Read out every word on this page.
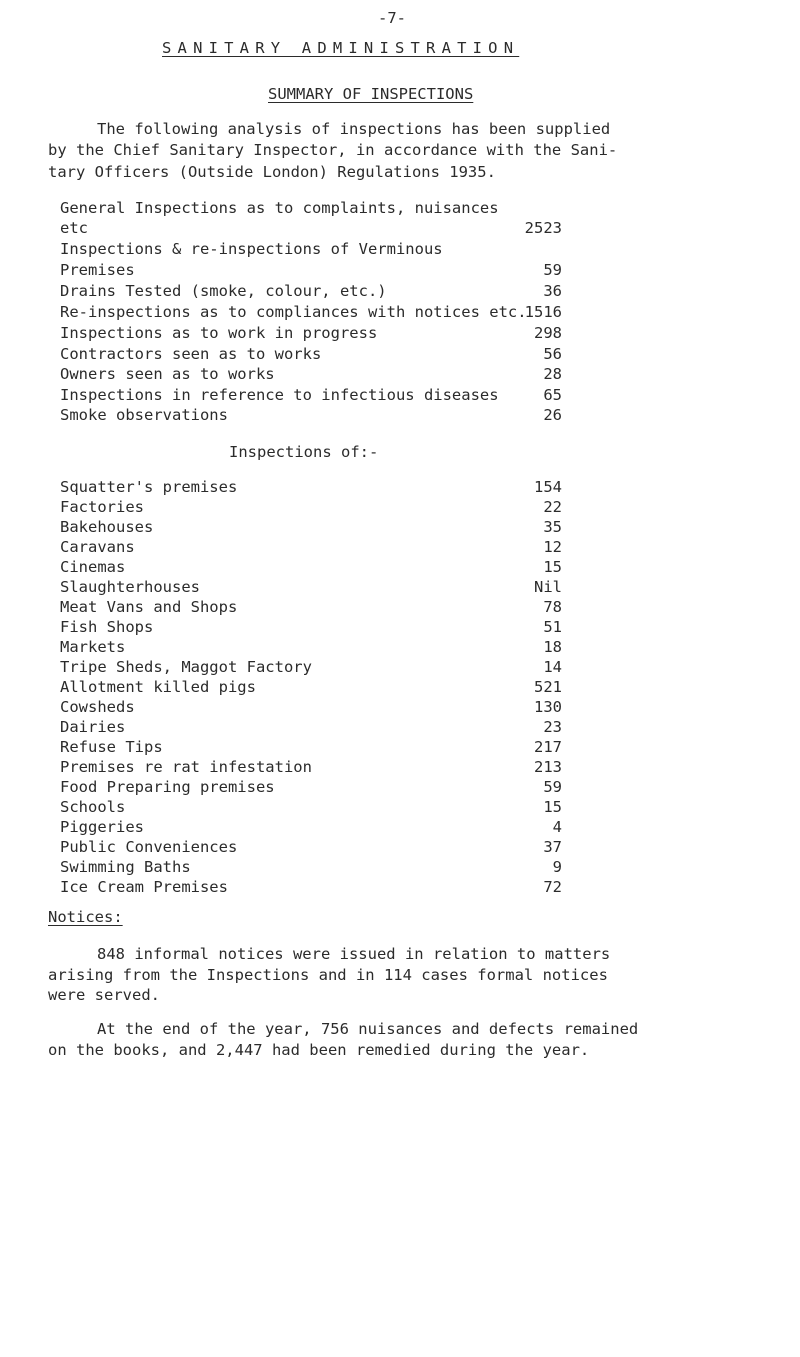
-7-
SANITARY ADMINISTRATION
SUMMARY OF INSPECTIONS
The following analysis of inspections has been supplied
by the Chief Sanitary Inspector, in accordance with the Sani-
tary Officers (Outside London) Regulations 1935.
General Inspections as to complaints, nuisances
etc	2523
Inspections & re-inspections of Verminous
Premises	59
Drains Tested (smoke, colour, etc.)	36
Re-inspections as to compliances with notices etc.
1516
Inspections as to work in progress	298
Contractors seen as to works	56
Owners seen as to works	28
Inspections in reference to infectious diseases	65
Smoke observations	26
Inspections of:-
Squatter's premises	154
Factories	22
Bakehouses	35
Caravans	12
Cinemas	15
Slaughterhouses	Nil
Meat Vans and Shops	78
Fish Shops	51
Markets	18
Tripe Sheds, Maggot Factory	14
Allotment killed pigs	521
Cowsheds	130
Dairies	23
Refuse Tips	217
Premises re rat infestation	213
Food Preparing premises	59
Schools	15
Piggeries	4
Public Conveniences	37
Swimming Baths	9
Ice Cream Premises	72
Notices:
848 informal notices were issued in relation to matters
arising from the Inspections and in 114 cases formal notices
were served.
At the end of the year, 756 nuisances and defects remained
on the books, and 2,447 had been remedied during the year.
